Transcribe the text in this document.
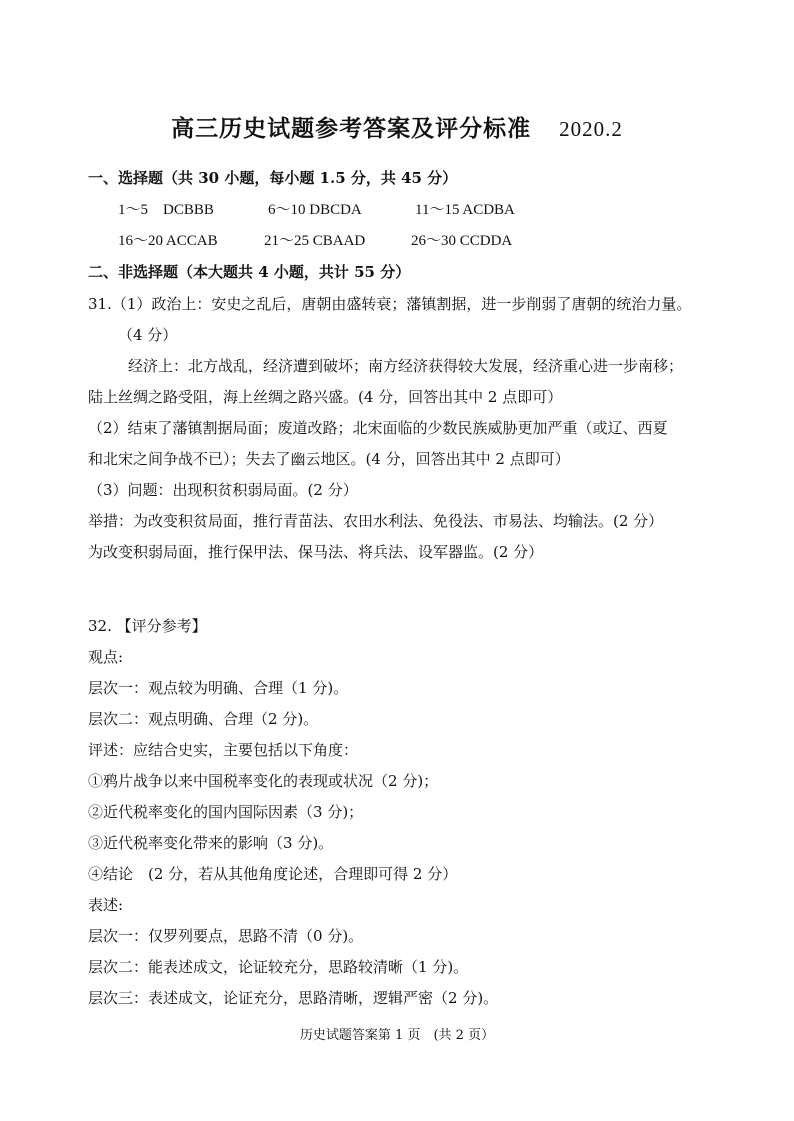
高三历史试题参考答案及评分标准 2020.2
一、选择题（共 30 小题，每小题 1.5 分，共 45 分）
1～5　DCBBB	6～10 DBCDA	11～15 ACDBA
16～20 ACCAB	21～25 CBAAD	26～30 CCDDA
二、非选择题（本大题共 4 小题，共计 55 分）
31.（1）政治上：安史之乱后，唐朝由盛转衰；藩镇割据，进一步削弱了唐朝的统治力量。
（4 分）
经济上：北方战乱，经济遭到破坏；南方经济获得较大发展，经济重心进一步南移；
陆上丝绸之路受阻，海上丝绸之路兴盛。(4 分，回答出其中 2 点即可）
（2）结束了藩镇割据局面；废道改路；北宋面临的少数民族威胁更加严重（或辽、西夏
和北宋之间争战不已）；失去了幽云地区。(4 分，回答出其中 2 点即可）
（3）问题：出现积贫积弱局面。(2 分）
举措：为改变积贫局面，推行青苗法、农田水利法、免役法、市易法、均输法。(2 分）
为改变积弱局面，推行保甲法、保马法、将兵法、设军器监。(2 分）
32. 【评分参考】
观点:
层次一：观点较为明确、合理（1 分)。
层次二：观点明确、合理（2 分)。
评述：应结合史实，主要包括以下角度：
①鸦片战争以来中国税率变化的表现或状况（2 分)；
②近代税率变化的国内国际因素（3 分)；
③近代税率变化带来的影响（3 分)。
④结论　(2 分，若从其他角度论述，合理即可得 2 分）
表述:
层次一：仅罗列要点，思路不清（0 分)。
层次二：能表述成文，论证较充分，思路较清晰（1 分)。
层次三：表述成文，论证充分，思路清晰，逻辑严密（2 分)。
历史试题答案第 1 页　(共 2 页）
